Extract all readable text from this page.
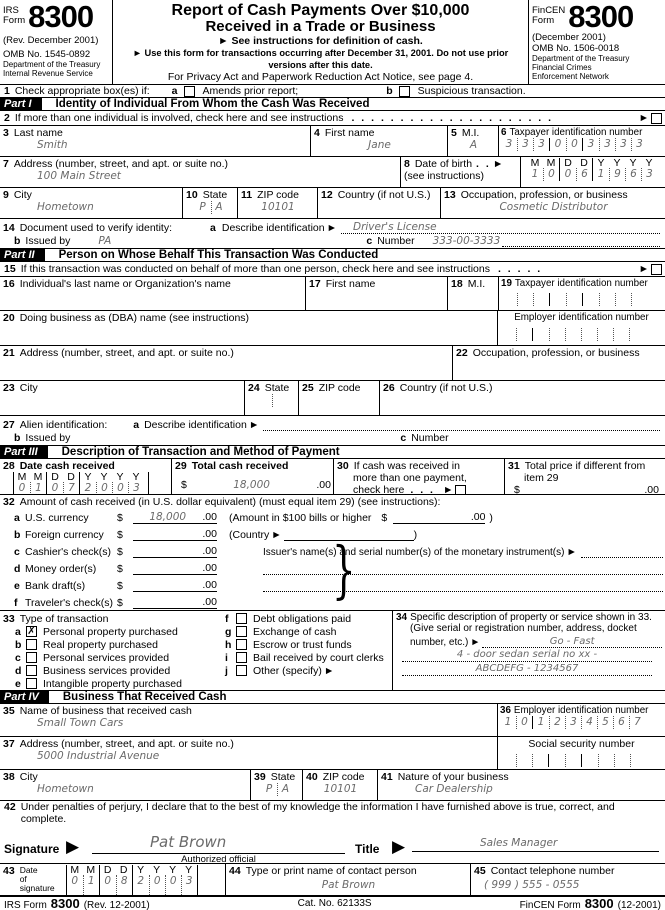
IRS
Form 8300
(Rev. December 2001)
OMB No. 1545-0892
Department of the Treasury
Internal Revenue Service
Report of Cash Payments Over $10,000
Received in a Trade or Business
► See instructions for definition of cash.
► Use this form for transactions occurring after December 31, 2001. Do not use prior versions after this date.
For Privacy Act and Paperwork Reduction Act Notice, see page 4.
FinCEN
Form 8300
(December 2001)
OMB No. 1506-0018
Department of the Treasury
Financial Crimes
Enforcement Network
1 Check appropriate box(es) if: a	Amends prior report;	b	Suspicious transaction.
Part I	Identity of Individual From Whom the Cash Was Received
2 If more than one individual is involved, check here and see instructions . . . . . . . . . . . . . . . . . . . . .	►
3 Last name
Smith
4 First name
Jane
5 M.I.
A
6 Taxpayer identification number
3 3 3 0 0 3 3 3 3
7 Address (number, street, and apt. or suite no.)
100 Main Street
8 Date of birth . . ►
(see instructions)
M M
1 0
D D
0 6
Y Y Y Y
1 9 6 3
9 City
Hometown
10 State
P A
11 ZIP code
10101
12 Country (if not U.S.) 13 Occupation, profession, or business
Cosmetic Distributor
14 Document used to verify identity:	a Describe identification ►	Driver's License
b Issued by	PA	c Number	333-00-3333
Part II	Person on Whose Behalf This Transaction Was Conducted
15 If this transaction was conducted on behalf of more than one person, check here and see instructions . . . . .	►
16 Individual's last name or Organization's name	17 First name	18 M.I. 19 Taxpayer identification number
20 Doing business as (DBA) name (see instructions)	Employer identification number
21 Address (number, street, and apt. or suite no.)	22 Occupation, profession, or business
23 City	24 State 25 ZIP code 26 Country (if not U.S.)
27 Alien identification: a Describe identification ►
b Issued by	c Number
Part III	Description of Transaction and Method of Payment
28 Date cash received
M M
0 1
D D
0 7
Y Y Y Y
2 0 0 3
29 Total cash received
$	18,000	.00
30 If cash was received in
more than one payment,
check here . . . ►
31 Total price if different from
item 29
$	.00
32 Amount of cash received (in U.S. dollar equivalent) (must equal item 29) (see instructions):
a U.S. currency	$	18,000	.00	(Amount in $100 bills or higher $	.00 )
b Foreign currency	$	.00	(Country ►	)
c Cashier's check(s) $	.00	Issuer's name(s) and serial number(s) of the monetary instrument(s) ►
d Money order(s)	$	.00
e Bank draft(s)	$	.00
f Traveler's check(s) $	.00 }
33 Type of transaction	f	Debt obligations paid
a ✗ Personal property purchased	g	Exchange of cash
b	Real property purchased	h	Escrow or trust funds
c	Personal services provided	i	Bail received by court clerks
d	Business services provided	j	Other (specify) ►
e	Intangible property purchased
34 Specific description of property or service shown in 33.
(Give serial or registration number, address, docket
number, etc.) ►	Go - Fast
4 - door sedan serial no xx -
ABCDEFG - 1234567
Part IV	Business That Received Cash
35 Name of business that received cash
Small Town Cars
36 Employer identification number
1 0 1 2 3 4 5 6 7
37 Address (number, street, and apt. or suite no.)
5000 Industrial Avenue
Social security number
38 City
Hometown
39 State
P A
40 ZIP code
10101
41 Nature of your business
Car Dealership
42 Under penalties of perjury, I declare that to the best of my knowledge the information I have furnished above is true, correct, and complete.
Signature ▶	Pat Brown
Authorized official
Title ▶	Sales Manager
43 Date
of
signature
M M
0 1
D D
0 8
Y Y Y Y
2 0 0 3
44 Type or print name of contact person
Pat Brown
45 Contact telephone number
( 999 ) 555 - 0555
IRS Form 8300 (Rev. 12-2001)	Cat. No. 62133S	FinCEN Form 8300 (12-2001)
